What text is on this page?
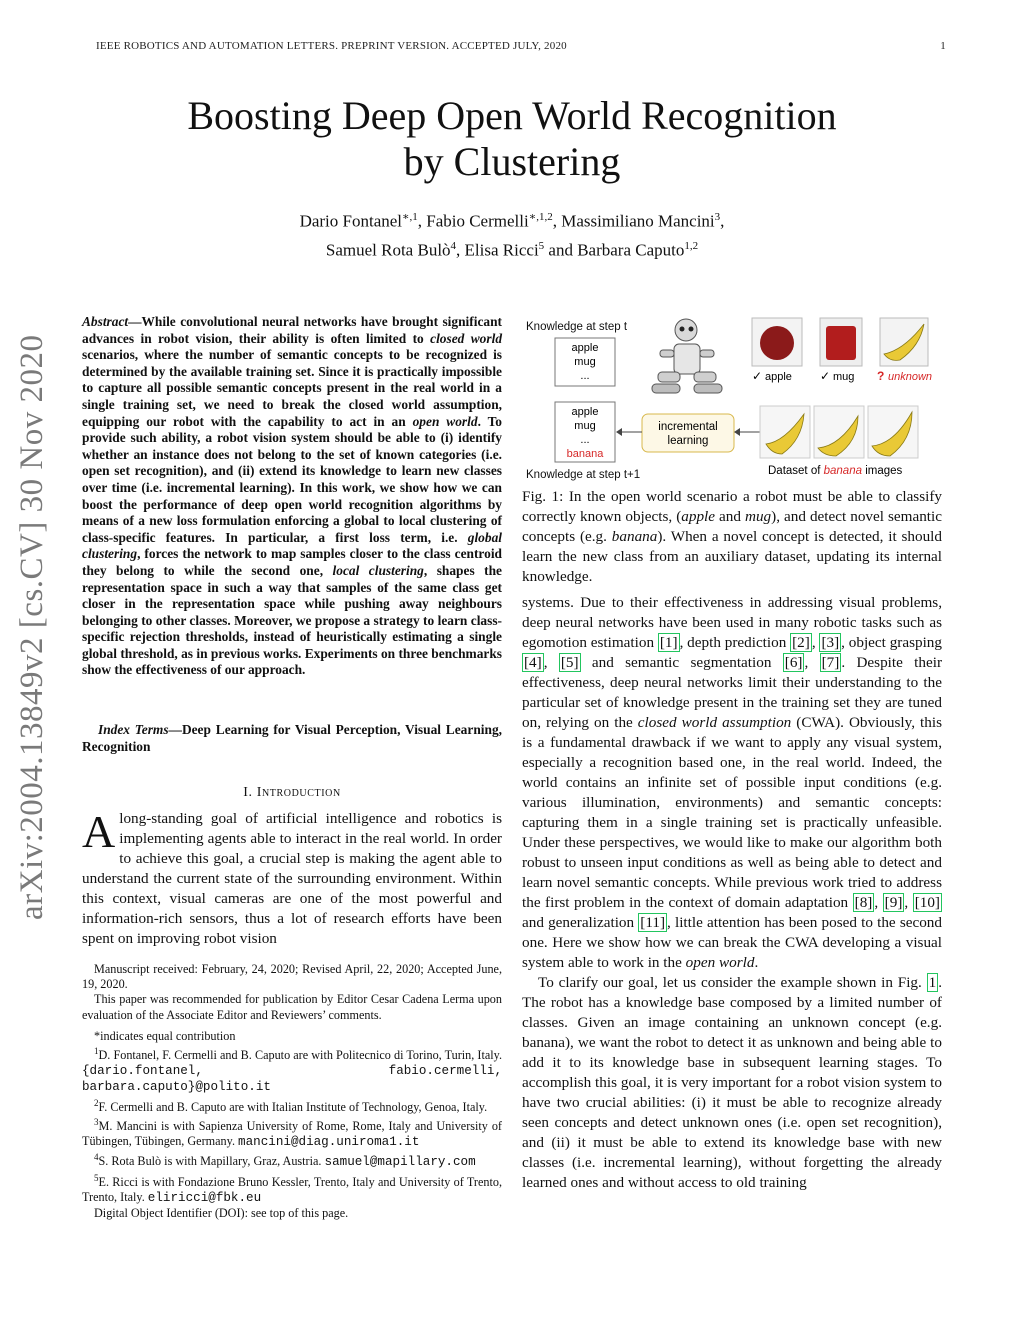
IEEE ROBOTICS AND AUTOMATION LETTERS. PREPRINT VERSION. ACCEPTED JULY, 2020	1
Boosting Deep Open World Recognition
by Clustering
Dario Fontanel$^{∗,1}$, Fabio Cermelli$^{∗,1,2}$, Massimiliano Mancini$^3$,
Samuel Rota Bulò$^4$, Elisa Ricci$^5$ and Barbara Caputo$^{1,2}$
arXiv:2004.13849v2 [cs.CV] 30 Nov 2020
Abstract—While convolutional neural networks have brought significant advances in robot vision, their ability is often limited to closed world scenarios, where the number of semantic concepts to be recognized is determined by the available training set. Since it is practically impossible to capture all possible semantic concepts present in the real world in a single training set, we need to break the closed world assumption, equipping our robot with the capability to act in an open world. To provide such ability, a robot vision system should be able to (i) identify whether an instance does not belong to the set of known categories (i.e. open set recognition), and (ii) extend its knowledge to learn new classes over time (i.e. incremental learning). In this work, we show how we can boost the performance of deep open world recognition algorithms by means of a new loss formulation enforcing a global to local clustering of class-specific features. In particular, a first loss term, i.e. global clustering, forces the network to map samples closer to the class centroid they belong to while the second one, local clustering, shapes the representation space in such a way that samples of the same class get closer in the representation space while pushing away neighbours belonging to other classes. Moreover, we propose a strategy to learn class-specific rejection thresholds, instead of heuristically estimating a single global threshold, as in previous works. Experiments on three benchmarks show the effectiveness of our approach.
Index Terms—Deep Learning for Visual Perception, Visual Learning, Recognition
I. Introduction
Along-standing goal of artificial intelligence and robotics is implementing agents able to interact in the real world. In order to achieve this goal, a crucial step is making the agent able to understand the current state of the surrounding environment. Within this context, visual cameras are one of the most powerful and information-rich sensors, thus a lot of research efforts have been spent on improving robot vision

Manuscript received: February, 24, 2020; Revised April, 22, 2020; Accepted June, 19, 2020.

This paper was recommended for publication by Editor Cesar Cadena Lerma upon evaluation of the Associate Editor and Reviewers’ comments.

*indicates equal contribution

$^1$D. Fontanel, F. Cermelli and B. Caputo are with Politecnico di Torino, Turin, Italy. {dario.fontanel, fabio.cermelli, barbara.caputo}@polito.it

$^2$F. Cermelli and B. Caputo are with Italian Institute of Technology, Genoa, Italy.

$^3$M. Mancini is with Sapienza University of Rome, Rome, Italy and University of Tübingen, Tübingen, Germany. mancini@diag.uniroma1.it

$^4$S. Rota Bulò is with Mapillary, Graz, Austria. samuel@mapillary.com

$^5$E. Ricci is with Fondazione Bruno Kessler, Trento, Italy and University of Trento, Trento, Italy. eliricci@fbk.eu

Digital Object Identifier (DOI): see top of this page.

Knowledge at step t
apple
mug
...
apple
mug
...
banana
Knowledge at step t+1
✓ apple ✓ mug ? unknown
incremental
learning
Dataset of banana images
Fig. 1: In the open world scenario a robot must be able to classify correctly known objects, (apple and mug), and detect novel semantic concepts (e.g. banana). When a novel concept is detected, it should learn the new class from an auxiliary dataset, updating its internal knowledge.

systems. Due to their effectiveness in addressing visual problems, deep neural networks have been used in many robotic tasks such as egomotion estimation [1] , depth prediction [2] , [3] , object grasping [4] , [5] and semantic segmentation [6] , [7] . Despite their effectiveness, deep neural networks limit their understanding to the particular set of knowledge present in the training set they are tuned on, relying on the closed world assumption (CWA). Obviously, this is a fundamental drawback if we want to apply any visual system, especially a recognition based one, in the real world. Indeed, the world contains an infinite set of possible input conditions (e.g. various illumination, environments) and semantic concepts: capturing them in a single training set is practically unfeasible. Under these perspectives, we would like to make our algorithm both robust to unseen input conditions as well as being able to detect and learn novel semantic concepts. While previous work tried to address the first problem in the context of domain adaptation [8] , [9] , [10] and generalization [11] , little attention has been posed to the second one. Here we show how we can break the CWA developing a visual system able to work in the open world.

To clarify our goal, let us consider the example shown in Fig. 1 . The robot has a knowledge base composed by a limited number of classes. Given an image containing an unknown concept (e.g. banana), we want the robot to detect it as unknown and being able to add it to its knowledge base in subsequent learning stages. To accomplish this goal, it is very important for a robot vision system to have two crucial abilities: (i) it must be able to recognize already seen concepts and detect unknown ones (i.e. open set recognition), and (ii) it must be able to extend its knowledge base with new classes (i.e. incremental learning), without forgetting the already learned ones and without access to old training
